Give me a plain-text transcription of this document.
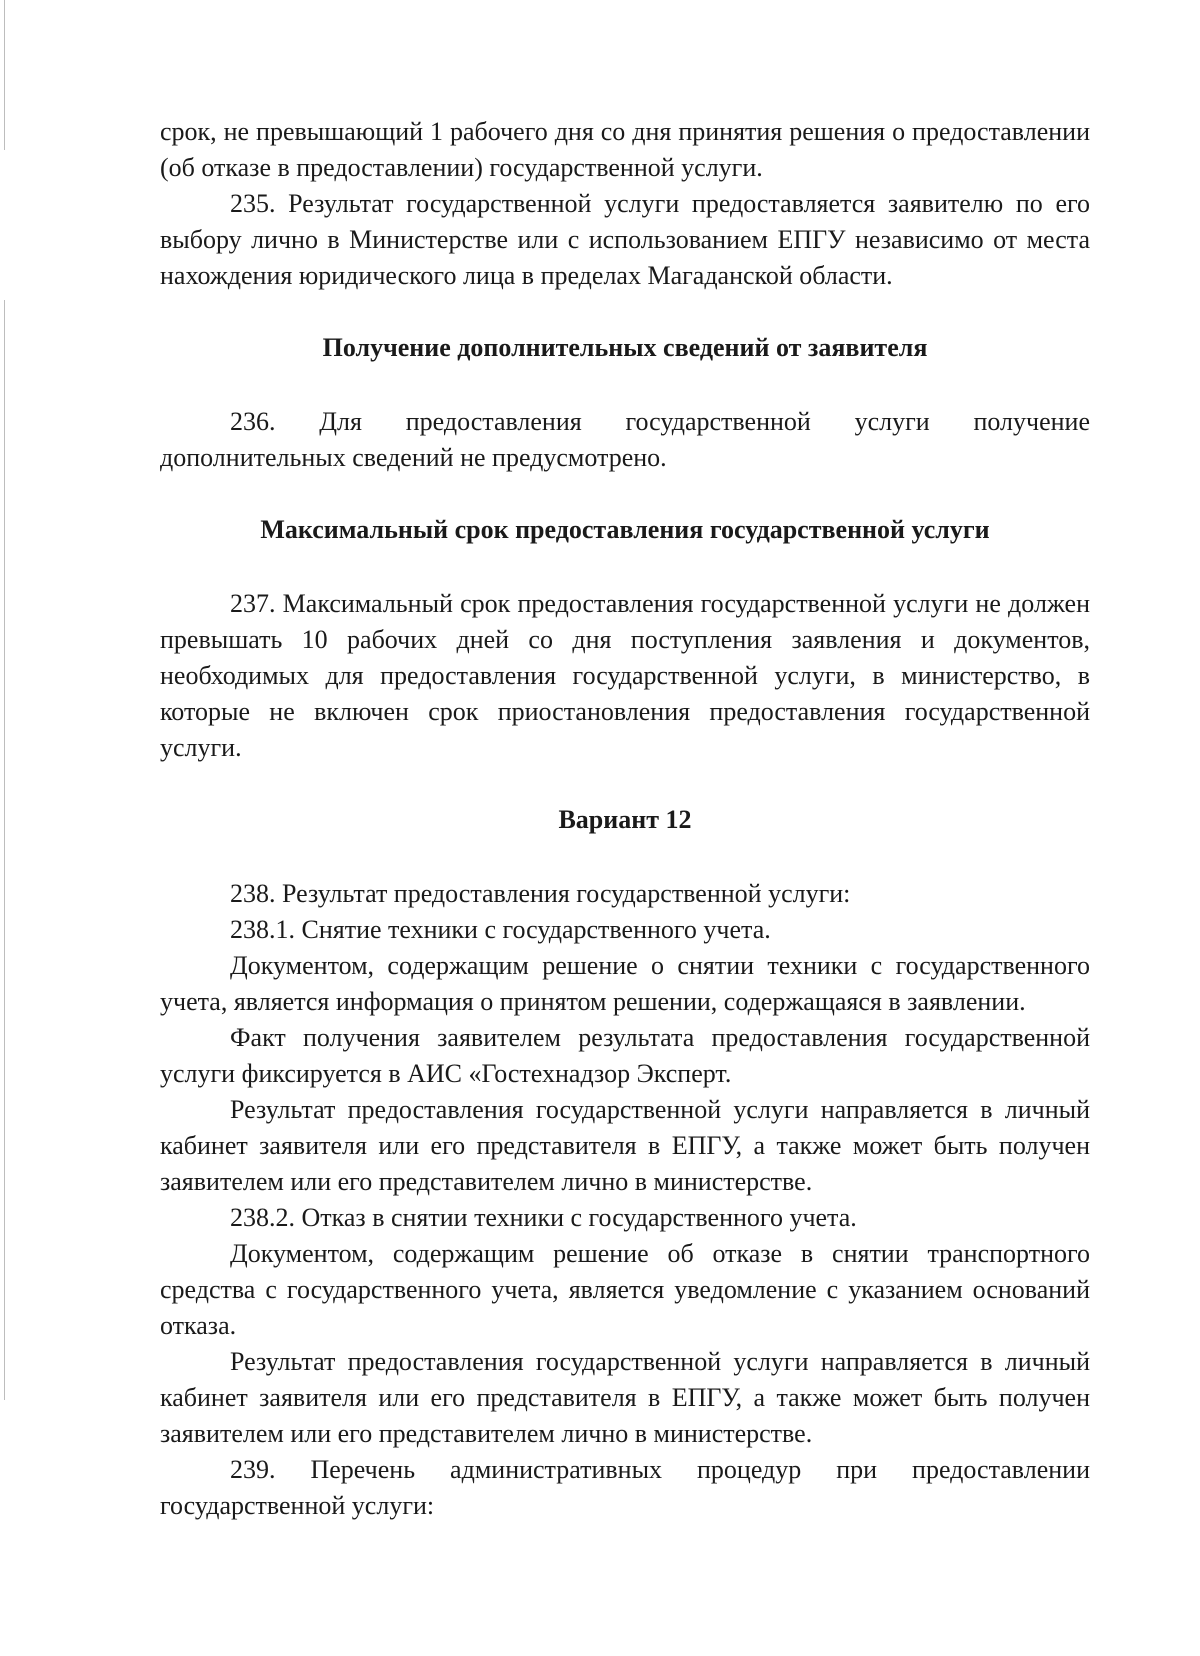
срок, не превышающий 1 рабочего дня со дня принятия решения о предоставлении (об отказе в предоставлении) государственной услуги.

235. Результат государственной услуги предоставляется заявителю по его выбору лично в Министерстве или с использованием ЕПГУ независимо от места нахождения юридического лица в пределах Магаданской области.

Получение дополнительных сведений от заявителя

236. Для предоставления государственной услуги получение дополнительных сведений не предусмотрено.

Максимальный срок предоставления государственной услуги

237. Максимальный срок предоставления государственной услуги не должен превышать 10 рабочих дней со дня поступления заявления и документов, необходимых для предоставления государственной услуги, в министерство, в которые не включен срок приостановления предоставления государственной услуги.

Вариант 12

238. Результат предоставления государственной услуги:

238.1. Снятие техники с государственного учета.

Документом, содержащим решение о снятии техники с государственного учета, является информация о принятом решении, содержащаяся в заявлении.

Факт получения заявителем результата предоставления государственной услуги фиксируется в АИС «Гостехнадзор Эксперт.

Результат предоставления государственной услуги направляется в личный кабинет заявителя или его представителя в ЕПГУ, а также может быть получен заявителем или его представителем лично в министерстве.

238.2. Отказ в снятии техники с государственного учета.

Документом, содержащим решение об отказе в снятии транспортного средства с государственного учета, является уведомление с указанием оснований отказа.

Результат предоставления государственной услуги направляется в личный кабинет заявителя или его представителя в ЕПГУ, а также может быть получен заявителем или его представителем лично в министерстве.

239. Перечень административных процедур при предоставлении государственной услуги:
